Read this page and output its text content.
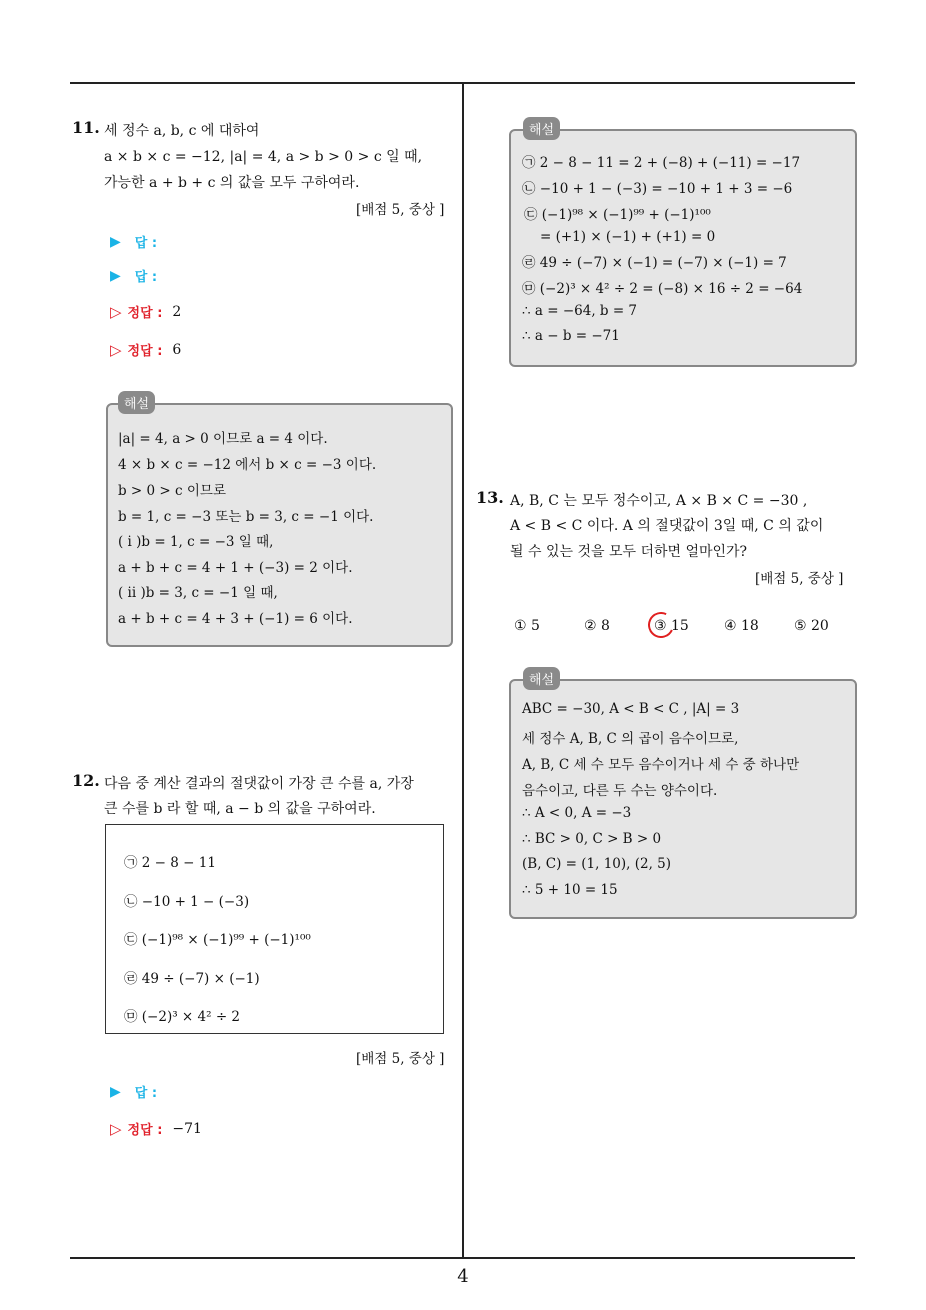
11. 세 정수 a, b, c 에 대하여
a × b × c = −12, |a| = 4, a > b > 0 > c 일 때,
가능한 a + b + c 의 값을 모두 구하여라.
[배점 5, 중상 ]
▶ 답 :
▶ 답 :
▷ 정답 : 2
▷ 정답 : 6
해설
|a| = 4, a > 0 이므로 a = 4 이다.
4 × b × c = −12 에서 b × c = −3 이다.
b > 0 > c 이므로
b = 1, c = −3 또는 b = 3, c = −1 이다.
( i )b = 1, c = −3 일 때,
a + b + c = 4 + 1 + (−3) = 2 이다.
( ii )b = 3, c = −1 일 때,
a + b + c = 4 + 3 + (−1) = 6 이다.
12. 다음 중 계산 결과의 절댓값이 가장 큰 수를 a, 가장
큰 수를 b 라 할 때, a − b 의 값을 구하여라.
㉠ 2 − 8 − 11
㉡ −10 + 1 − (−3)
㉢ (−1)⁹⁸ × (−1)⁹⁹ + (−1)¹⁰⁰
㉣ 49 ÷ (−7) × (−1)
㉤ (−2)³ × 4² ÷ 2
[배점 5, 중상 ]
▶ 답 :
▷ 정답 : −71
해설
㉠ 2 − 8 − 11 = 2 + (−8) + (−11) = −17
㉡ −10 + 1 − (−3) = −10 + 1 + 3 = −6
㉢ (−1)⁹⁸ × (−1)⁹⁹ + (−1)¹⁰⁰
= (+1) × (−1) + (+1) = 0
㉣ 49 ÷ (−7) × (−1) = (−7) × (−1) = 7
㉤ (−2)³ × 4² ÷ 2 = (−8) × 16 ÷ 2 = −64
∴ a = −64, b = 7
∴ a − b = −71
13. A, B, C 는 모두 정수이고, A × B × C = −30 ,
A < B < C 이다. A 의 절댓값이 3일 때, C 의 값이
될 수 있는 것을 모두 더하면 얼마인가?
[배점 5, 중상 ]
① 5	② 8	③ 15	④ 18	⑤ 20
해설
ABC = −30, A < B < C , |A| = 3
세 정수 A, B, C 의 곱이 음수이므로,
A, B, C 세 수 모두 음수이거나 세 수 중 하나만
음수이고, 다른 두 수는 양수이다.
∴ A < 0, A = −3
∴ BC > 0, C > B > 0
(B, C) = (1, 10), (2, 5)
∴ 5 + 10 = 15
4
